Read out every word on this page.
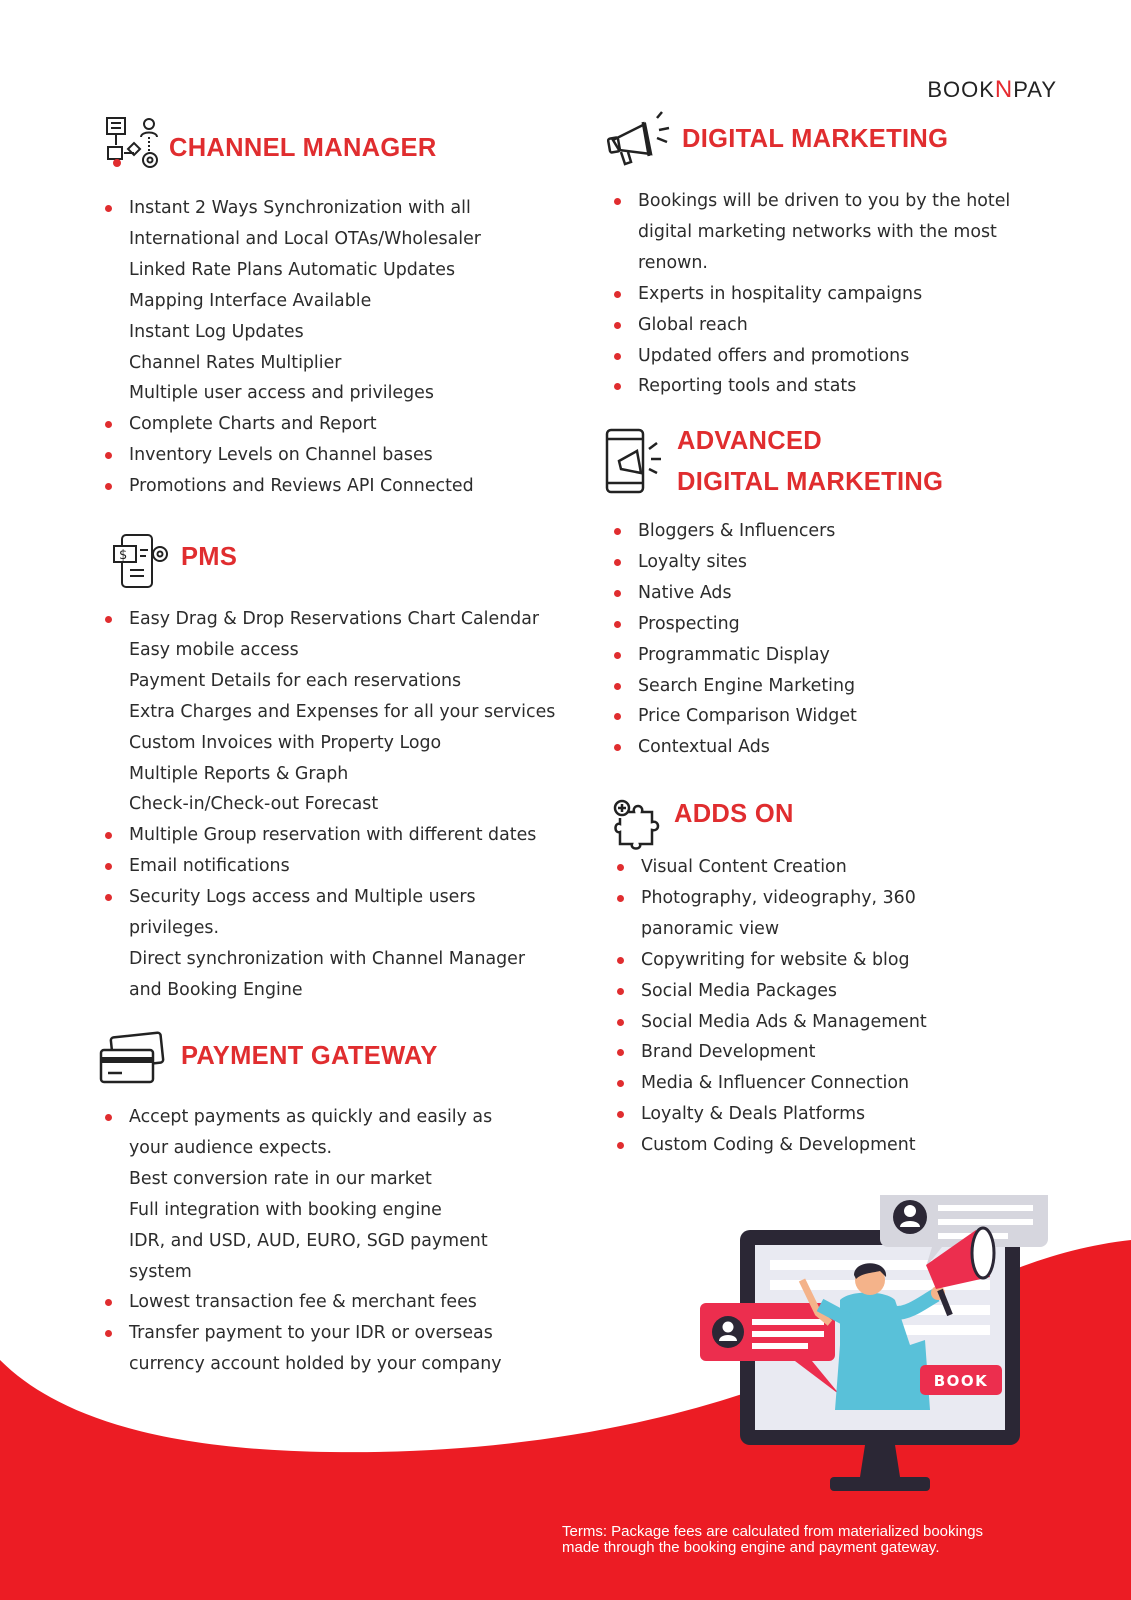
BOOKNPAY
CHANNEL MANAGER
Instant 2 Ways Synchronization with all
International and Local OTAs/Wholesaler
Linked Rate Plans Automatic Updates
Mapping Interface Available
Instant Log Updates
Channel Rates Multiplier
Multiple user access and privileges
Complete Charts and Report
Inventory Levels on Channel bases
Promotions and Reviews API Connected
$ PMS
Easy Drag & Drop Reservations Chart Calendar
Easy mobile access
Payment Details for each reservations
Extra Charges and Expenses for all your services
Custom Invoices with Property Logo
Multiple Reports & Graph
Check-in/Check-out Forecast
Multiple Group reservation with different dates
Email notifications
Security Logs access and Multiple users
privileges.
Direct synchronization with Channel Manager
and Booking Engine
PAYMENT GATEWAY
Accept payments as quickly and easily as
your audience expects.
Best conversion rate in our market
Full integration with booking engine
IDR, and USD, AUD, EURO, SGD payment
system
Lowest transaction fee & merchant fees
Transfer payment to your IDR or overseas
currency account holded by your company
DIGITAL MARKETING
Bookings will be driven to you by the hotel
digital marketing networks with the most
renown.
Experts in hospitality campaigns
Global reach
Updated offers and promotions
Reporting tools and stats
ADVANCED
DIGITAL MARKETING
Bloggers & Influencers
Loyalty sites
Native Ads
Prospecting
Programmatic Display
Search Engine Marketing
Price Comparison Widget
Contextual Ads
ADDS ON
Visual Content Creation
Photography, videography, 360
panoramic view
Copywriting for website & blog
Social Media Packages
Social Media Ads & Management
Brand Development
Media & Influencer Connection
Loyalty & Deals Platforms
Custom Coding & Development
BOOK
Terms: Package fees are calculated from materialized bookings
made through the booking engine and payment gateway.
